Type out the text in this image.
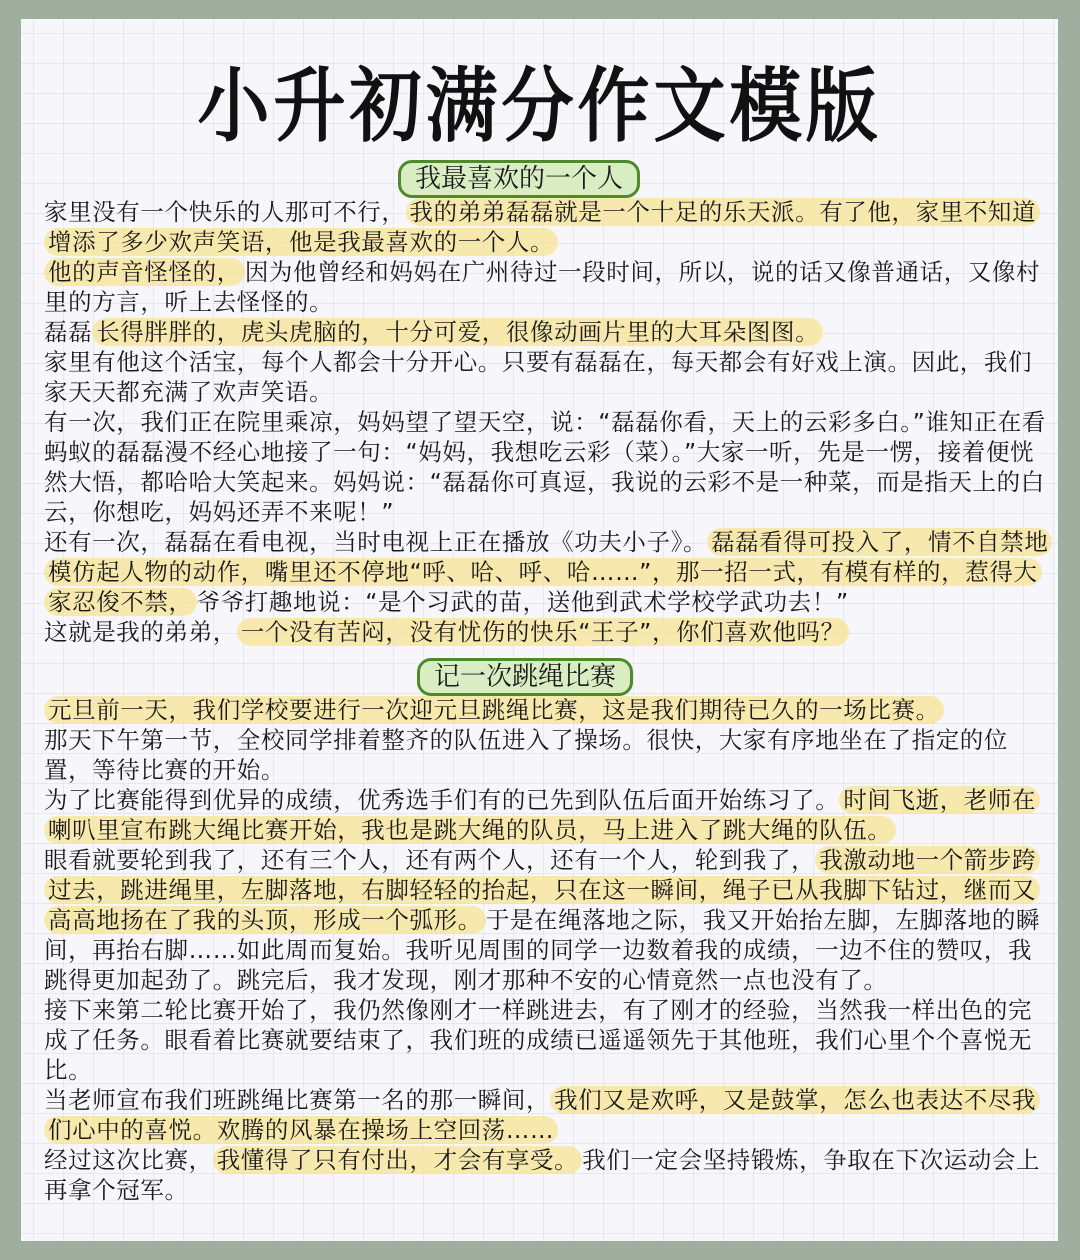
小升初满分作文模版
我最喜欢的一个人

家里没有一个快乐的人那可不行， 我的弟弟磊磊就是一个十足的乐天派。有了他，家里不知道增添了多少欢声笑语，他是我最喜欢的一个人。

他的声音怪怪的， 因为他曾经和妈妈在广州待过一段时间，所以，说的话又像普通话，又像村里的方言，听上去怪怪的。

磊磊 长得胖胖的，虎头虎脑的，十分可爱，很像动画片里的大耳朵图图。

家里有他这个活宝，每个人都会十分开心。只要有磊磊在，每天都会有好戏上演。因此，我们家天天都充满了欢声笑语。

有一次，我们正在院里乘凉，妈妈望了望天空，说：“磊磊你看，天上的云彩多白。”谁知正在看蚂蚁的磊磊漫不经心地接了一句：“妈妈，我想吃云彩（菜）。”大家一听，先是一愣，接着便恍然大悟，都哈哈大笑起来。妈妈说：“磊磊你可真逗，我说的云彩不是一种菜，而是指天上的白云，你想吃，妈妈还弄不来呢！”

还有一次，磊磊在看电视，当时电视上正在播放《功夫小子》。 磊磊看得可投入了，情不自禁地模仿起人物的动作，嘴里还不停地“呼、哈、呼、哈……”，那一招一式，有模有样的，惹得大家忍俊不禁， 爷爷打趣地说：“是个习武的苗，送他到武术学校学武功去！”

这就是我的弟弟， 一个没有苦闷，没有忧伤的快乐“王子”，你们喜欢他吗？

记一次跳绳比赛

元旦前一天，我们学校要进行一次迎元旦跳绳比赛，这是我们期待已久的一场比赛。

那天下午第一节，全校同学排着整齐的队伍进入了操场。很快，大家有序地坐在了指定的位置，等待比赛的开始。

为了比赛能得到优异的成绩，优秀选手们有的已先到队伍后面开始练习了。 时间飞逝，老师在喇叭里宣布跳大绳比赛开始，我也是跳大绳的队员，马上进入了跳大绳的队伍。

眼看就要轮到我了，还有三个人，还有两个人，还有一个人，轮到我了， 我激动地一个箭步跨过去，跳进绳里，左脚落地，右脚轻轻的抬起，只在这一瞬间，绳子已从我脚下钻过，继而又高高地扬在了我的头顶，形成一个弧形。 于是在绳落地之际，我又开始抬左脚，左脚落地的瞬间，再抬右脚……如此周而复始。我听见周围的同学一边数着我的成绩，一边不住的赞叹，我跳得更加起劲了。跳完后，我才发现，刚才那种不安的心情竟然一点也没有了。

接下来第二轮比赛开始了，我仍然像刚才一样跳进去，有了刚才的经验，当然我一样出色的完成了任务。眼看着比赛就要结束了，我们班的成绩已遥遥领先于其他班，我们心里个个喜悦无比。

当老师宣布我们班跳绳比赛第一名的那一瞬间， 我们又是欢呼，又是鼓掌，怎么也表达不尽我们心中的喜悦。欢腾的风暴在操场上空回荡……

经过这次比赛， 我懂得了只有付出，才会有享受。 我们一定会坚持锻炼，争取在下次运动会上再拿个冠军。
